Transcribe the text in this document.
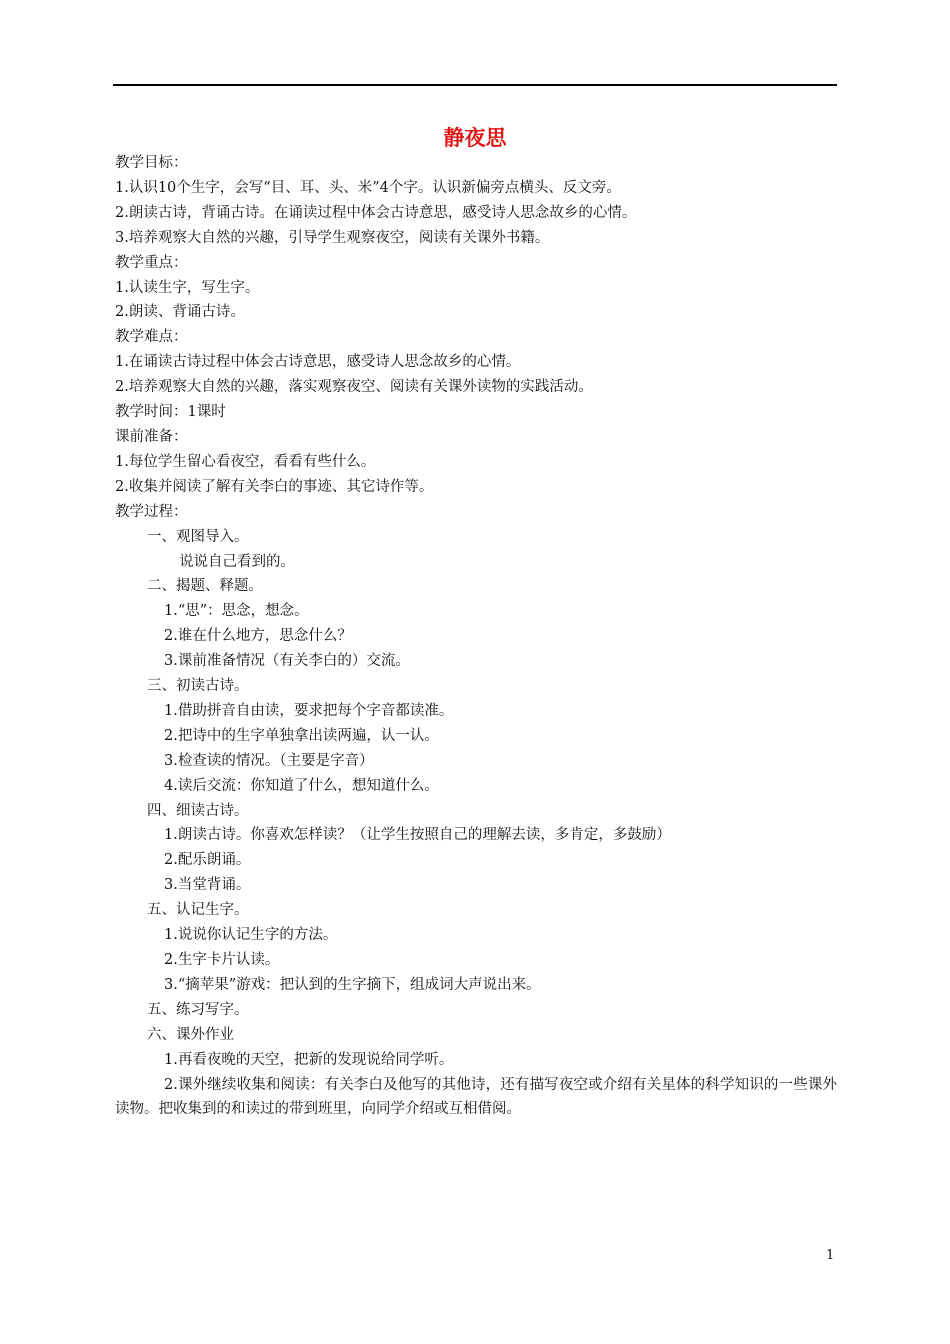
静夜思

教学目标：

1.认识10个生字，会写“目、耳、头、米”4个字。认识新偏旁点横头、反文旁。

2.朗读古诗，背诵古诗。在诵读过程中体会古诗意思，感受诗人思念故乡的心情。

3.培养观察大自然的兴趣，引导学生观察夜空，阅读有关课外书籍。

教学重点：

1.认读生字，写生字。

2.朗读、背诵古诗。

教学难点：

1.在诵读古诗过程中体会古诗意思，感受诗人思念故乡的心情。

2.培养观察大自然的兴趣，落实观察夜空、阅读有关课外读物的实践活动。

教学时间：1课时

课前准备：

1.每位学生留心看夜空，看看有些什么。

2.收集并阅读了解有关李白的事迹、其它诗作等。

教学过程：

一、观图导入。

说说自己看到的。

二、揭题、释题。

1.“思”：思念，想念。

2.谁在什么地方，思念什么？

3.课前准备情况（有关李白的）交流。

三、初读古诗。

1.借助拼音自由读，要求把每个字音都读准。

2.把诗中的生字单独拿出读两遍，认一认。

3.检查读的情况。（主要是字音）

4.读后交流：你知道了什么，想知道什么。

四、细读古诗。

1.朗读古诗。你喜欢怎样读？（让学生按照自己的理解去读，多肯定，多鼓励）

2.配乐朗诵。

3.当堂背诵。

五、认记生字。

1.说说你认记生字的方法。

2.生字卡片认读。

3.“摘苹果”游戏：把认到的生字摘下，组成词大声说出来。

五、练习写字。

六、课外作业

1.再看夜晚的天空，把新的发现说给同学听。

2.课外继续收集和阅读：有关李白及他写的其他诗，还有描写夜空或介绍有关星体的科学知识的一些课外读物。把收集到的和读过的带到班里，向同学介绍或互相借阅。

1
